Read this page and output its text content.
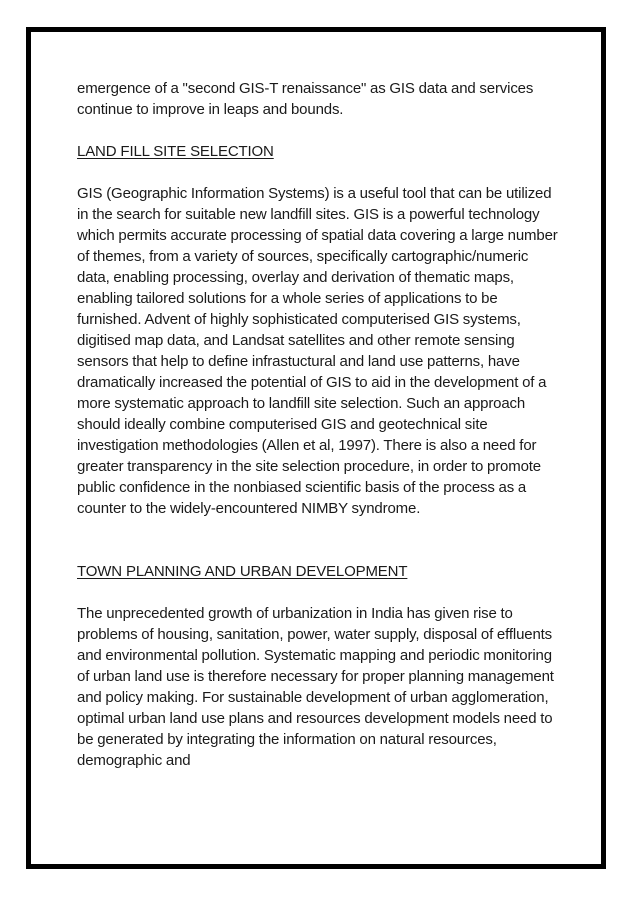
emergence of a "second GIS-T renaissance" as GIS data and services continue to improve in leaps and bounds.

LAND FILL SITE SELECTION

GIS (Geographic Information Systems) is a useful tool that can be utilized in the search for suitable new landfill sites. GIS is a powerful technology which permits accurate processing of spatial data covering a large number of themes, from a variety of sources, specifically cartographic/numeric data, enabling processing, overlay and derivation of thematic maps, enabling tailored solutions for a whole series of applications to be furnished. Advent of highly sophisticated computerised GIS systems, digitised map data, and Landsat satellites and other remote sensing sensors that help to define infrastuctural and land use patterns, have dramatically increased the potential of GIS to aid in the development of a more systematic approach to landfill site selection. Such an approach should ideally combine computerised GIS and geotechnical site investigation methodologies (Allen et al, 1997). There is also a need for greater transparency in the site selection procedure, in order to promote public confidence in the nonbiased scientific basis of the process as a counter to the widely-encountered NIMBY syndrome.

TOWN PLANNING AND URBAN DEVELOPMENT

The unprecedented growth of urbanization in India has given rise to problems of housing, sanitation, power, water supply, disposal of effluents and environmental pollution. Systematic mapping and periodic monitoring of urban land use is therefore necessary for proper planning management and policy making. For sustainable development of urban agglomeration, optimal urban land use plans and resources development models need to be generated by integrating the information on natural resources, demographic and
